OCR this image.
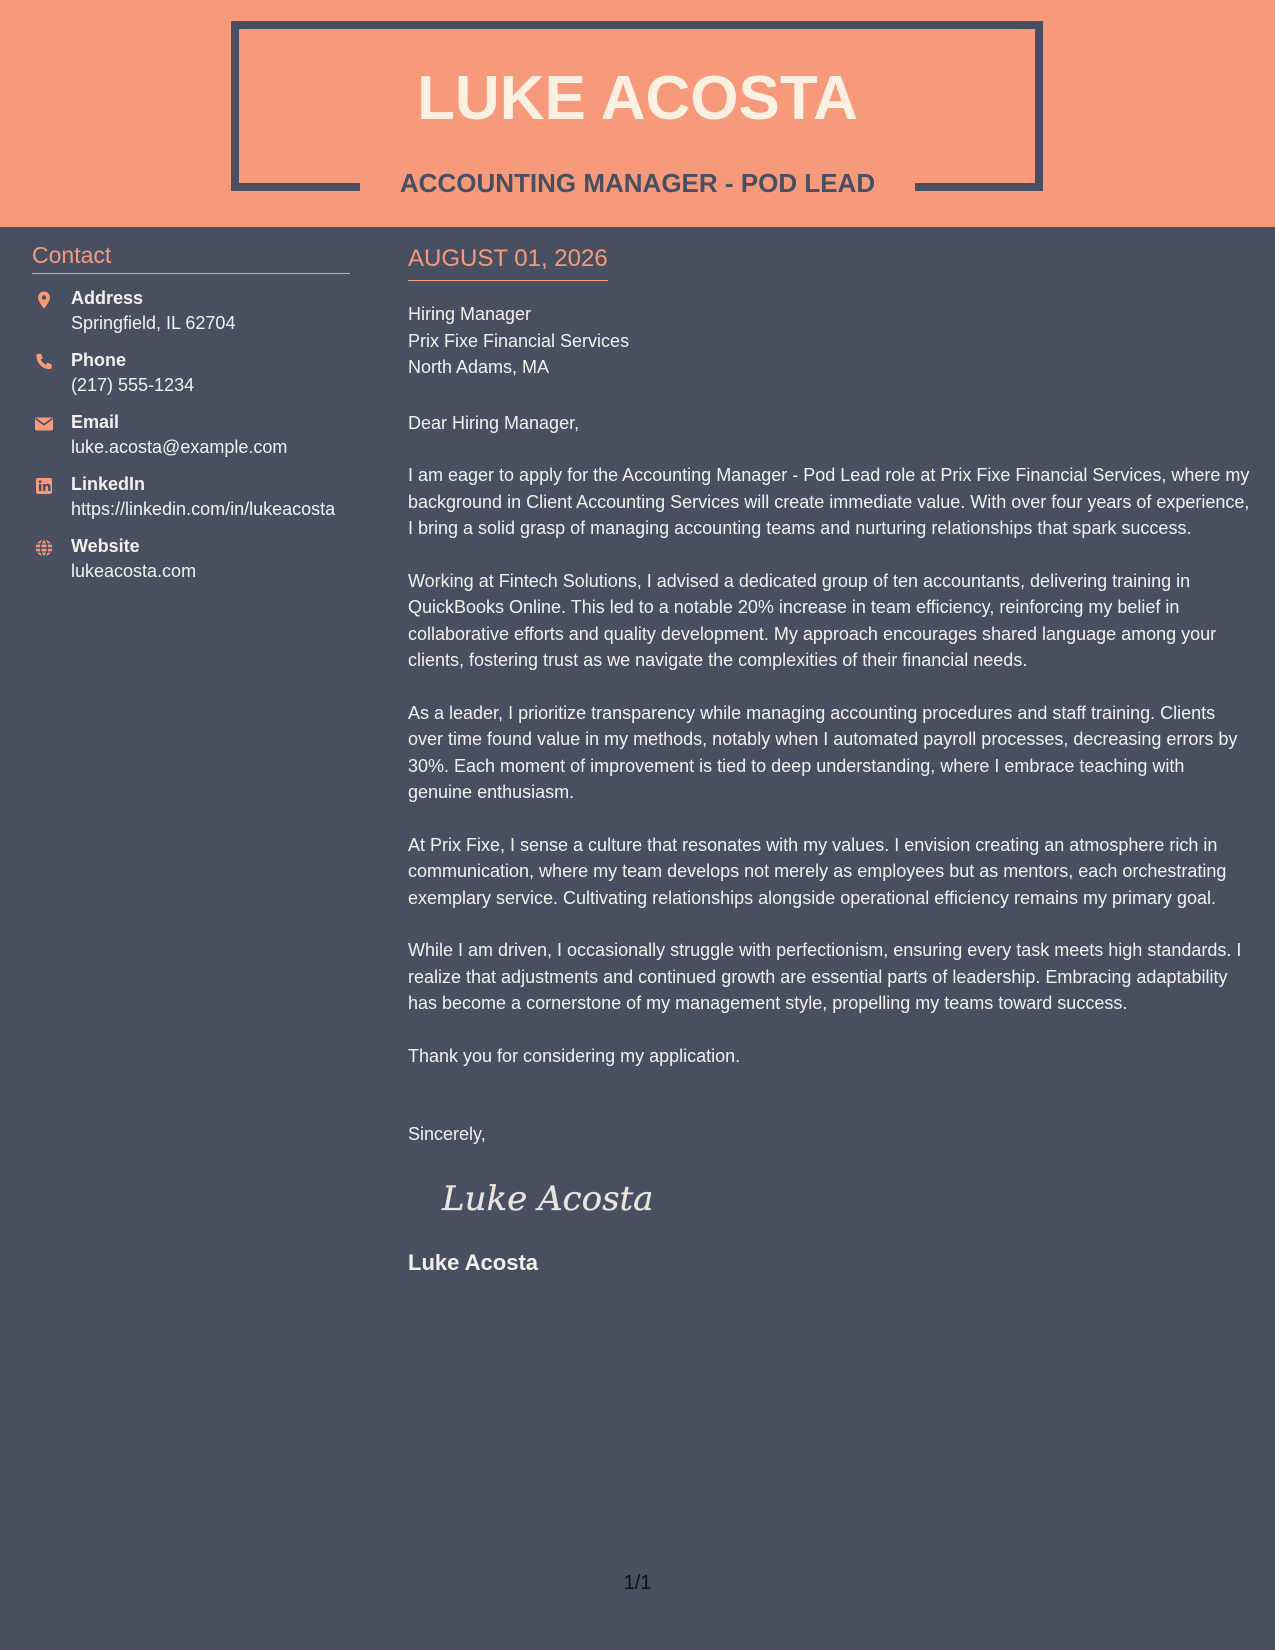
LUKE ACOSTA
ACCOUNTING MANAGER - POD LEAD
Contact
Address
Springfield, IL 62704
Phone
(217) 555-1234
Email
luke.acosta@example.com
LinkedIn
https://linkedin.com/in/lukeacosta
Website
lukeacosta.com
AUGUST 01, 2026
Hiring Manager
Prix Fixe Financial Services
North Adams, MA
Dear Hiring Manager,
I am eager to apply for the Accounting Manager - Pod Lead role at Prix Fixe Financial Services, where my background in Client Accounting Services will create immediate value. With over four years of experience, I bring a solid grasp of managing accounting teams and nurturing relationships that spark success.
Working at Fintech Solutions, I advised a dedicated group of ten accountants, delivering training in QuickBooks Online. This led to a notable 20% increase in team efficiency, reinforcing my belief in collaborative efforts and quality development. My approach encourages shared language among your clients, fostering trust as we navigate the complexities of their financial needs.
As a leader, I prioritize transparency while managing accounting procedures and staff training. Clients over time found value in my methods, notably when I automated payroll processes, decreasing errors by 30%. Each moment of improvement is tied to deep understanding, where I embrace teaching with genuine enthusiasm.
At Prix Fixe, I sense a culture that resonates with my values. I envision creating an atmosphere rich in communication, where my team develops not merely as employees but as mentors, each orchestrating exemplary service. Cultivating relationships alongside operational efficiency remains my primary goal.
While I am driven, I occasionally struggle with perfectionism, ensuring every task meets high standards. I realize that adjustments and continued growth are essential parts of leadership. Embracing adaptability has become a cornerstone of my management style, propelling my teams toward success.
Thank you for considering my application.
Sincerely,
Luke Acosta
Luke Acosta
1/1
